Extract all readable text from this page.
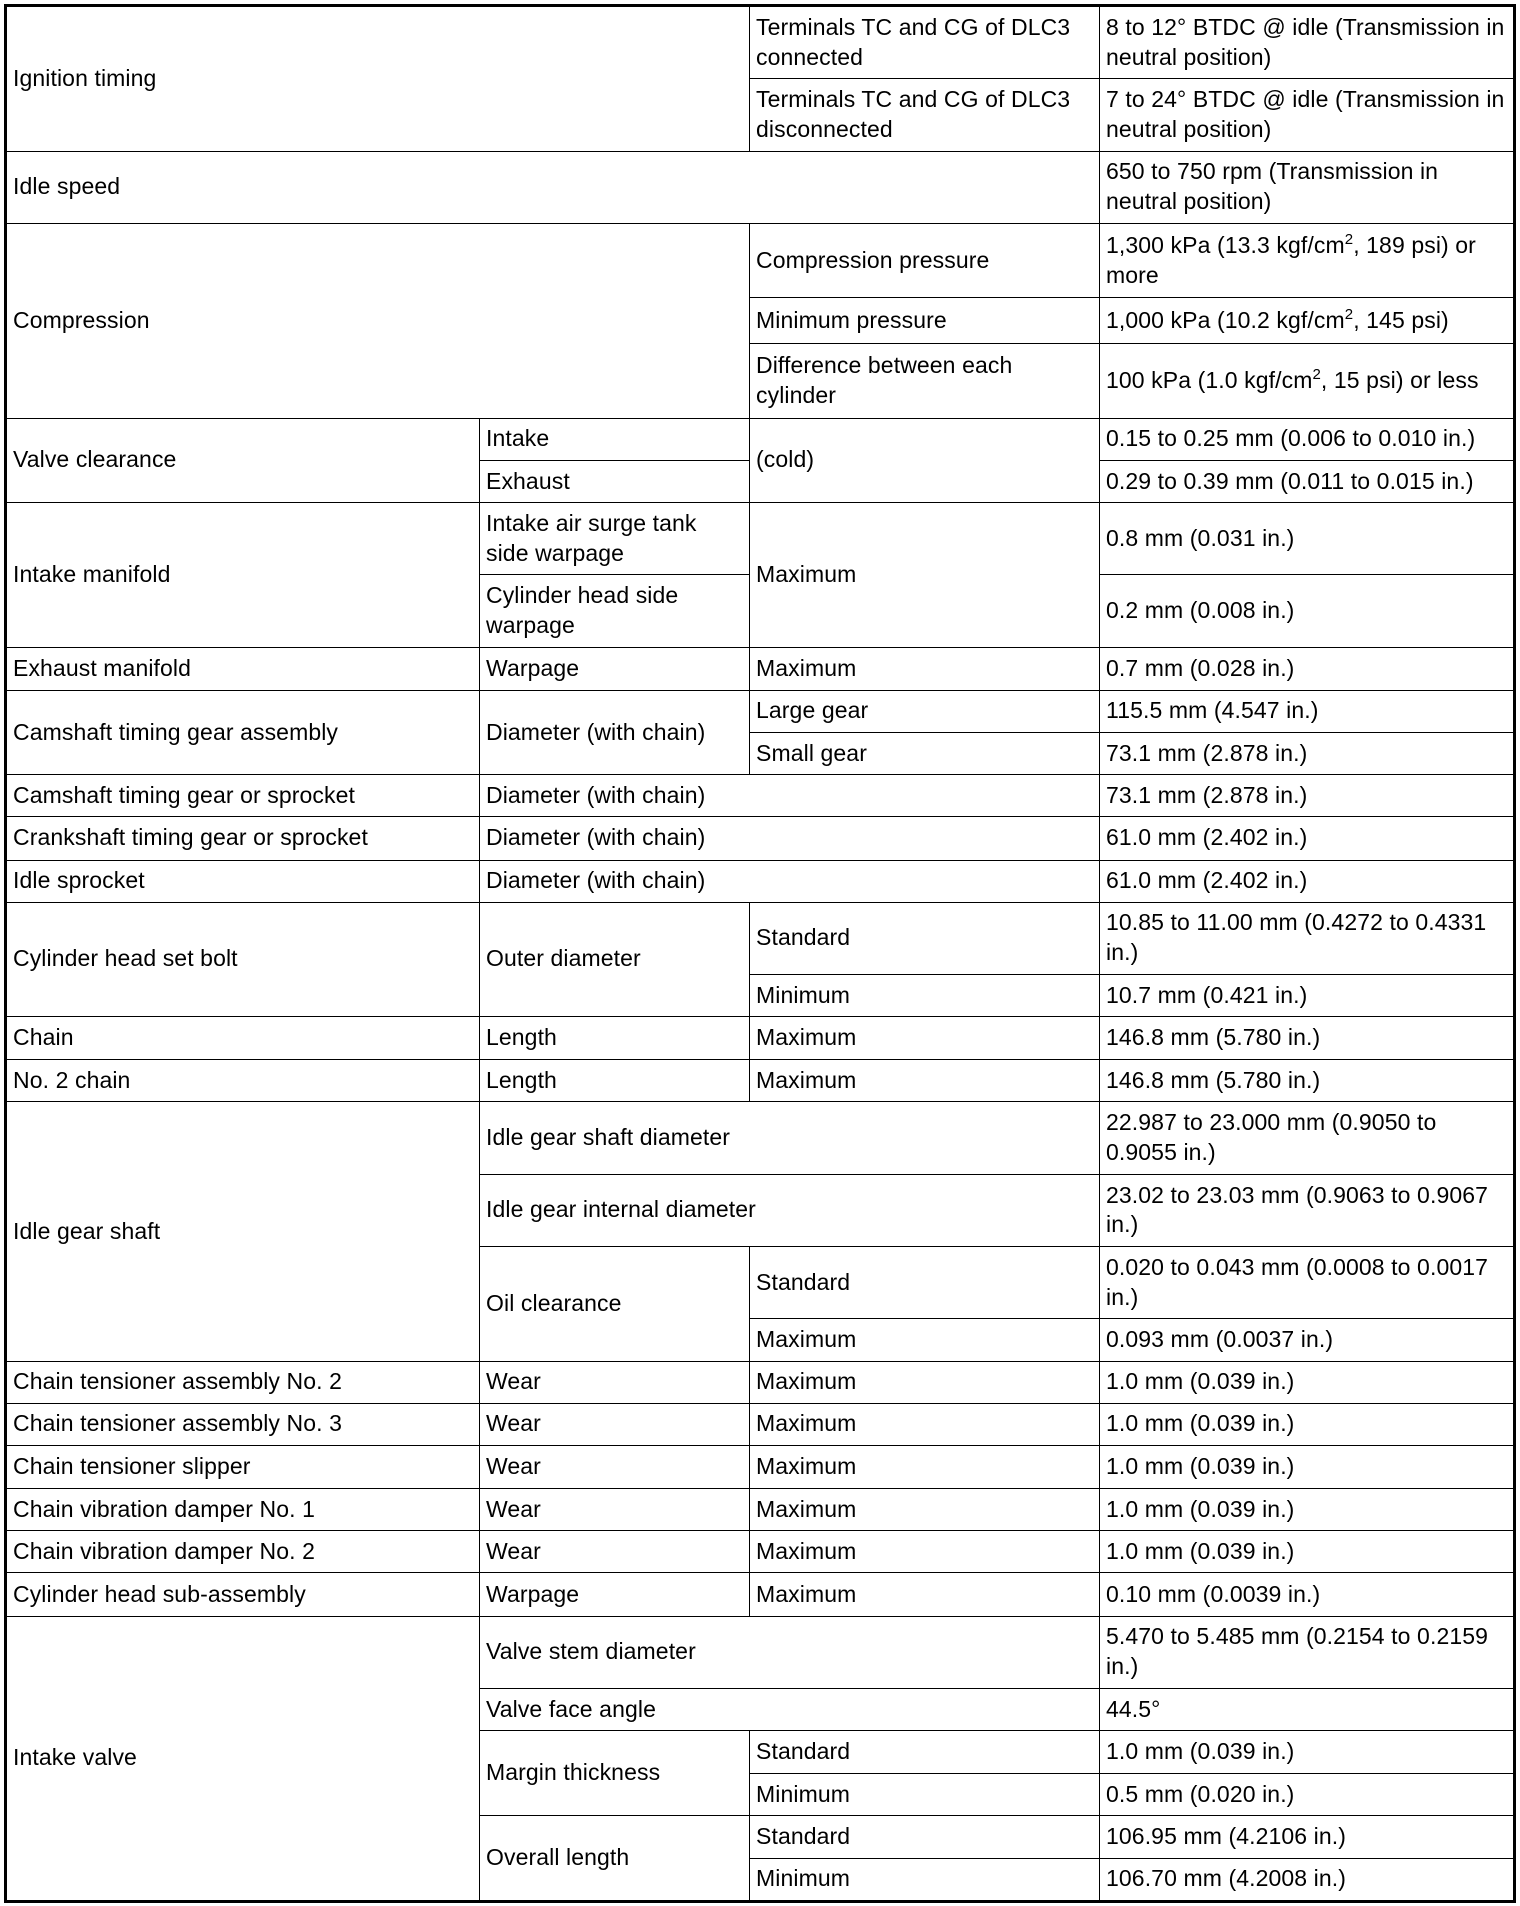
Ignition timing		Terminals TC and CG of DLC3 connected	8 to 12° BTDC @ idle (Transmission in neutral position)
		Terminals TC and CG of DLC3 disconnected	7 to 24° BTDC @ idle (Transmission in neutral position)
Idle speed			650 to 750 rpm (Transmission in neutral position)
Compression		Compression pressure	1,300 kPa (13.3 kgf/$cm^2$, 189 psi) or more
		Minimum pressure	1,000 kPa (10.2 kgf/$cm^2$, 145 psi)
		Difference between each cylinder	100 kPa (1.0 kgf/$cm^2$, 15 psi) or less
Valve clearance	Intake	(cold)	0.15 to 0.25 mm (0.006 to 0.010 in.)
	Exhaust		0.29 to 0.39 mm (0.011 to 0.015 in.)
Intake manifold	Intake air surge tank side warpage	Maximum	0.8 mm (0.031 in.)
	Cylinder head side warpage		0.2 mm (0.008 in.)
Exhaust manifold	Warpage	Maximum	0.7 mm (0.028 in.)
Camshaft timing gear assembly	Diameter (with chain)	Large gear	115.5 mm (4.547 in.)
		Small gear	73.1 mm (2.878 in.)
Camshaft timing gear or sprocket	Diameter (with chain)		73.1 mm (2.878 in.)
Crankshaft timing gear or sprocket	Diameter (with chain)		61.0 mm (2.402 in.)
Idle sprocket	Diameter (with chain)		61.0 mm (2.402 in.)
Cylinder head set bolt	Outer diameter	Standard	10.85 to 11.00 mm (0.4272 to 0.4331 in.)
		Minimum	10.7 mm (0.421 in.)
Chain	Length	Maximum	146.8 mm (5.780 in.)
No. 2 chain	Length	Maximum	146.8 mm (5.780 in.)
Idle gear shaft	Idle gear shaft diameter		22.987 to 23.000 mm (0.9050 to 0.9055 in.)
	Idle gear internal diameter		23.02 to 23.03 mm (0.9063 to 0.9067 in.)
	Oil clearance	Standard	0.020 to 0.043 mm (0.0008 to 0.0017 in.)
		Maximum	0.093 mm (0.0037 in.)
Chain tensioner assembly No. 2	Wear	Maximum	1.0 mm (0.039 in.)
Chain tensioner assembly No. 3	Wear	Maximum	1.0 mm (0.039 in.)
Chain tensioner slipper	Wear	Maximum	1.0 mm (0.039 in.)
Chain vibration damper No. 1	Wear	Maximum	1.0 mm (0.039 in.)
Chain vibration damper No. 2	Wear	Maximum	1.0 mm (0.039 in.)
Cylinder head sub-assembly	Warpage	Maximum	0.10 mm (0.0039 in.)
Intake valve	Valve stem diameter		5.470 to 5.485 mm (0.2154 to 0.2159 in.)
	Valve face angle		44.5°
	Margin thickness	Standard	1.0 mm (0.039 in.)
		Minimum	0.5 mm (0.020 in.)
	Overall length	Standard	106.95 mm (4.2106 in.)
		Minimum	106.70 mm (4.2008 in.)
